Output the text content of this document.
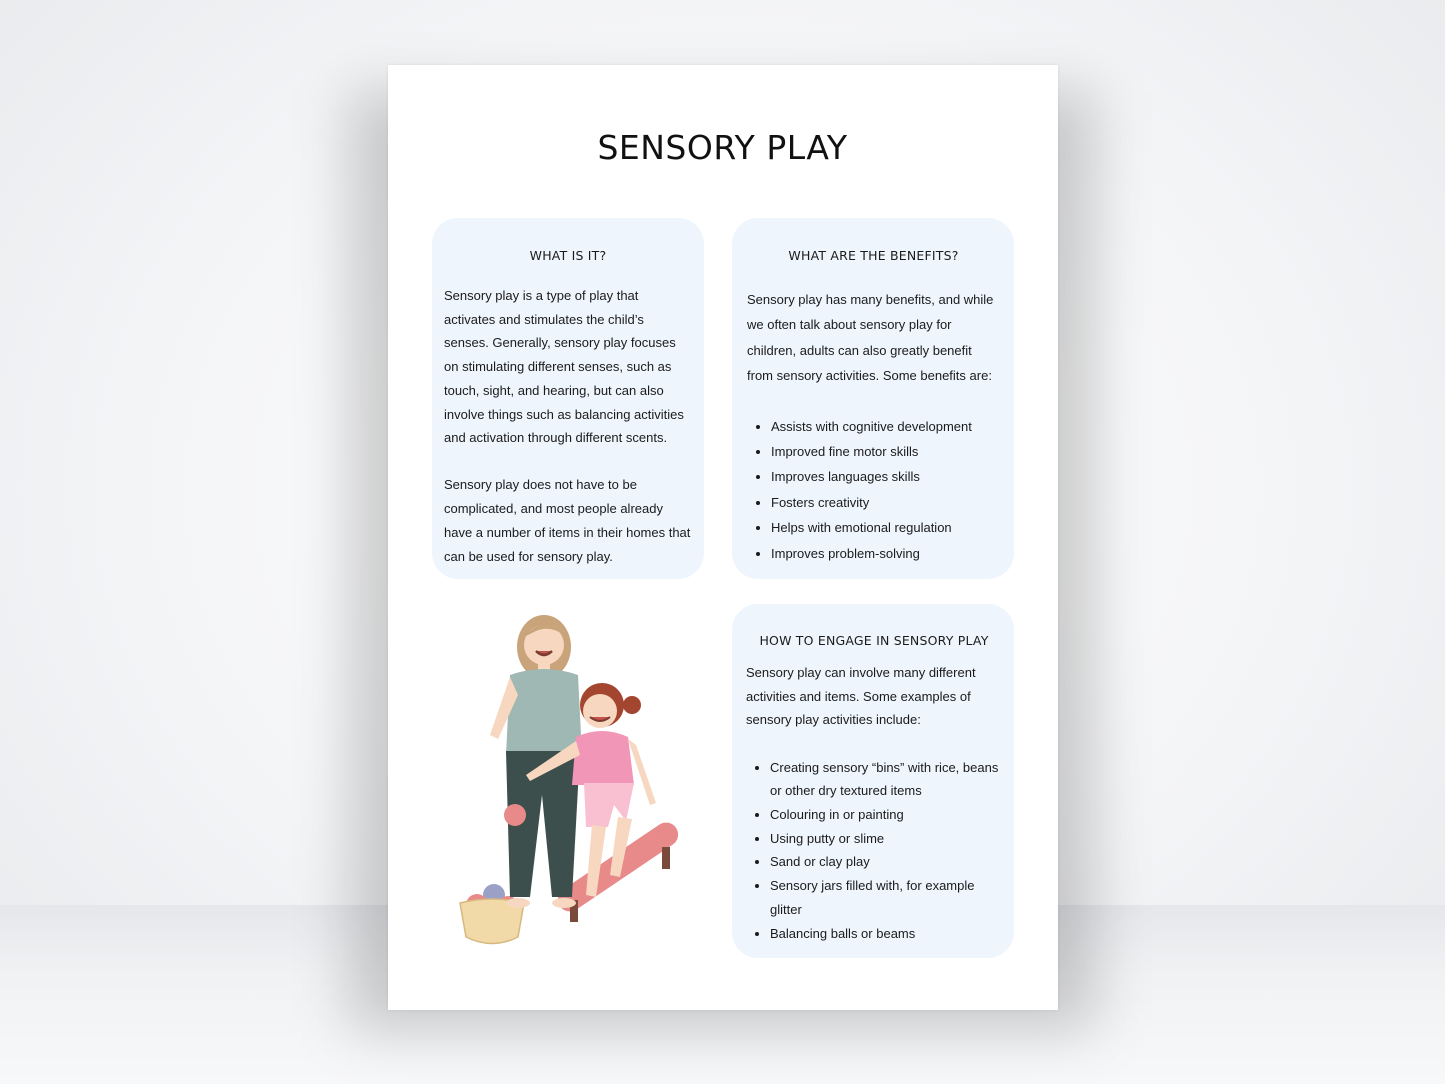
SENSORY PLAY
WHAT IS IT?

Sensory play is a type of play that activates and stimulates the child’s senses. Generally, sensory play focuses on stimulating different senses, such as touch, sight, and hearing, but can also involve things such as balancing activities and activation through different scents.

Sensory play does not have to be complicated, and most people already have a number of items in their homes that can be used for sensory play.

WHAT ARE THE BENEFITS?

Sensory play has many benefits, and while we often talk about sensory play for children, adults can also greatly benefit from sensory activities. Some benefits are:

• Assists with cognitive development
• Improved fine motor skills
• Improves languages skills
• Fosters creativity
• Helps with emotional regulation
• Improves problem-solving
HOW TO ENGAGE IN SENSORY PLAY

Sensory play can involve many different activities and items. Some examples of sensory play activities include:

• Creating sensory “bins” with rice, beans or other dry textured items
• Colouring in or painting
• Using putty or slime
• Sand or clay play
• Sensory jars filled with, for example glitter
• Balancing balls or beams
